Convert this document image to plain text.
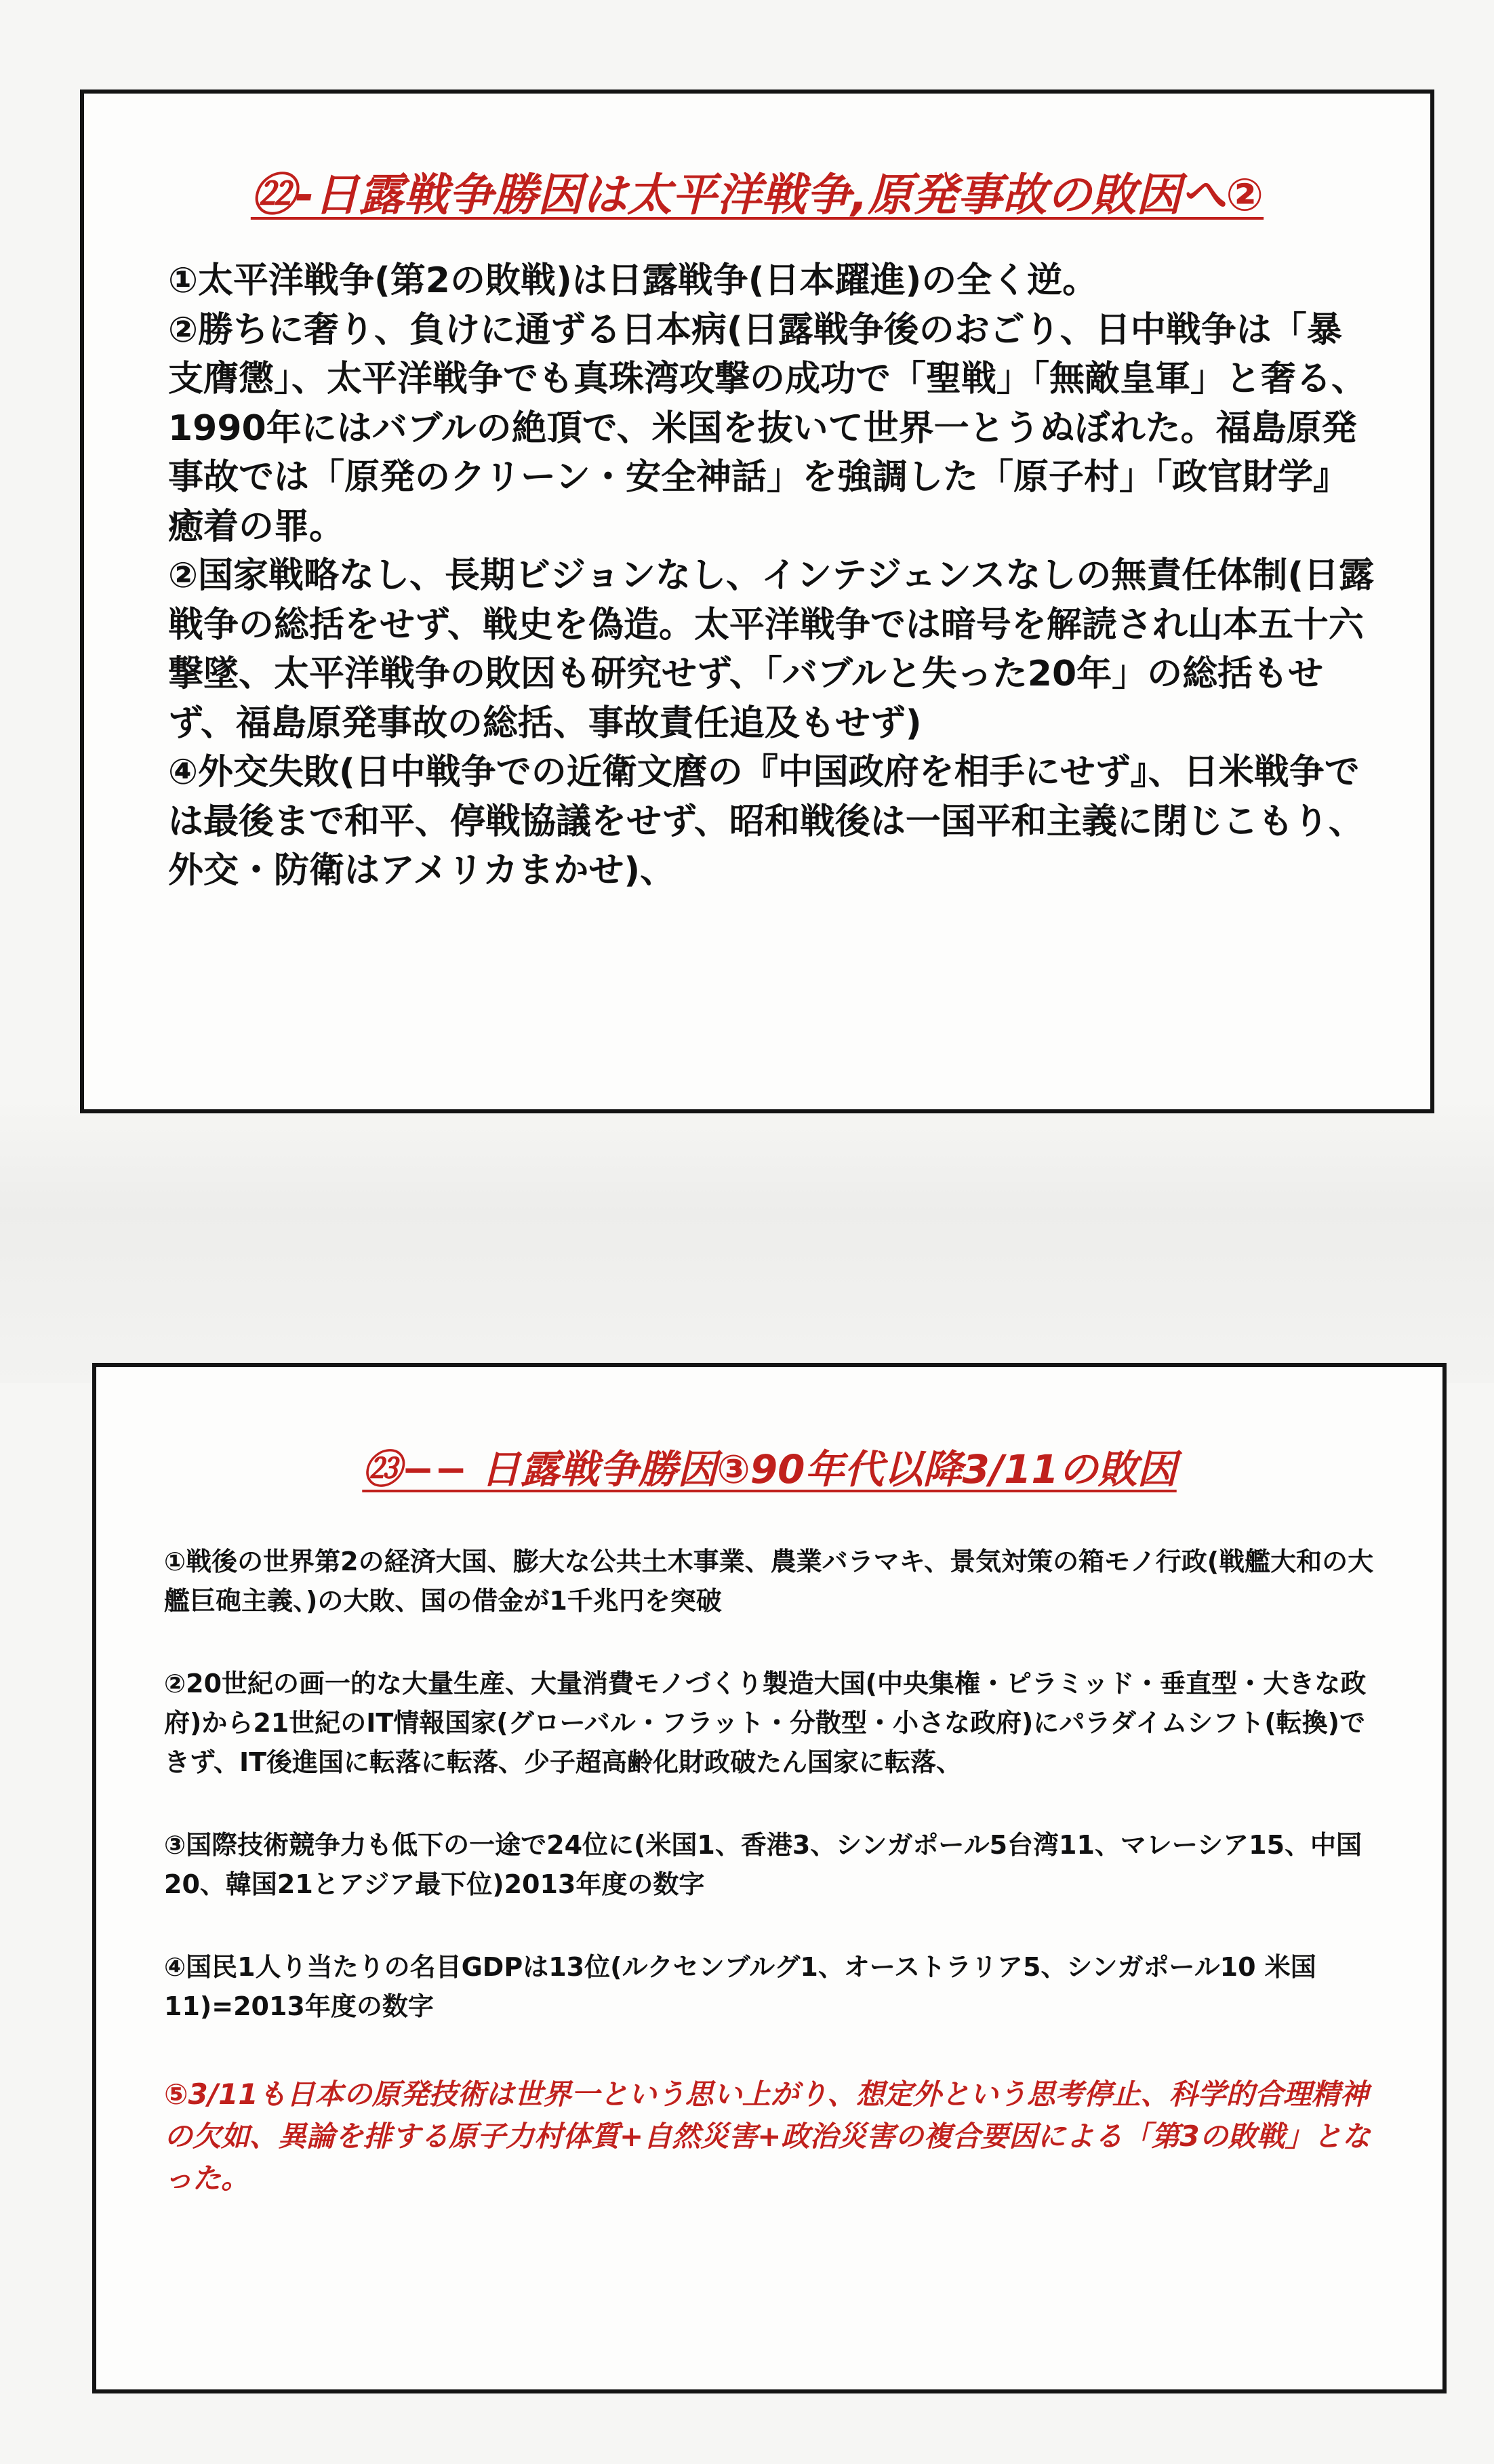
㉒-日露戦争勝因は太平洋戦争,原発事故の敗因へ②

①太平洋戦争(第2の敗戦)は日露戦争(日本躍進)の全く逆。

②勝ちに奢り、負けに通ずる日本病(日露戦争後のおごり、日中戦争は「暴支膺懲」、太平洋戦争でも真珠湾攻撃の成功で「聖戦」「無敵皇軍」と奢る、1990年にはバブルの絶頂で、米国を抜いて世界一とうぬぼれた。福島原発事故では「原発のクリーン・安全神話」を強調した「原子村」「政官財学』癒着の罪。

②国家戦略なし、長期ビジョンなし、インテジェンスなしの無責任体制(日露戦争の総括をせず、戦史を偽造。太平洋戦争では暗号を解読され山本五十六撃墜、太平洋戦争の敗因も研究せず、「バブルと失った20年」の総括もせず、福島原発事故の総括、事故責任追及もせず)

④外交失敗(日中戦争での近衛文麿の『中国政府を相手にせず』、日米戦争では最後まで和平、停戦協議をせず、昭和戦後は一国平和主義に閉じこもり、外交・防衛はアメリカまかせ)、

㉓−− 日露戦争勝因③90年代以降3/11の敗因

①戦後の世界第2の経済大国、膨大な公共土木事業、農業バラマキ、景気対策の箱モノ行政(戦艦大和の大艦巨砲主義、)の大敗、国の借金が1千兆円を突破

②20世紀の画一的な大量生産、大量消費モノづくり製造大国(中央集権・ピラミッド・垂直型・大きな政府)から21世紀のIT情報国家(グローバル・フラット・分散型・小さな政府)にパラダイムシフト(転換)できず、IT後進国に転落に転落、少子超高齢化財政破たん国家に転落、

③国際技術競争力も低下の一途で24位に(米国1、香港3、シンガポール5台湾11、マレーシア15、中国20、韓国21とアジア最下位)2013年度の数字

④国民1人り当たりの名目GDPは13位(ルクセンブルグ1、オーストラリア5、シンガポール10 米国11)=2013年度の数字

⑤3/11も日本の原発技術は世界一という思い上がり、想定外という思考停止、科学的合理精神の欠如、異論を排する原子力村体質+自然災害+政治災害の複合要因による「第3の敗戦」となった。
